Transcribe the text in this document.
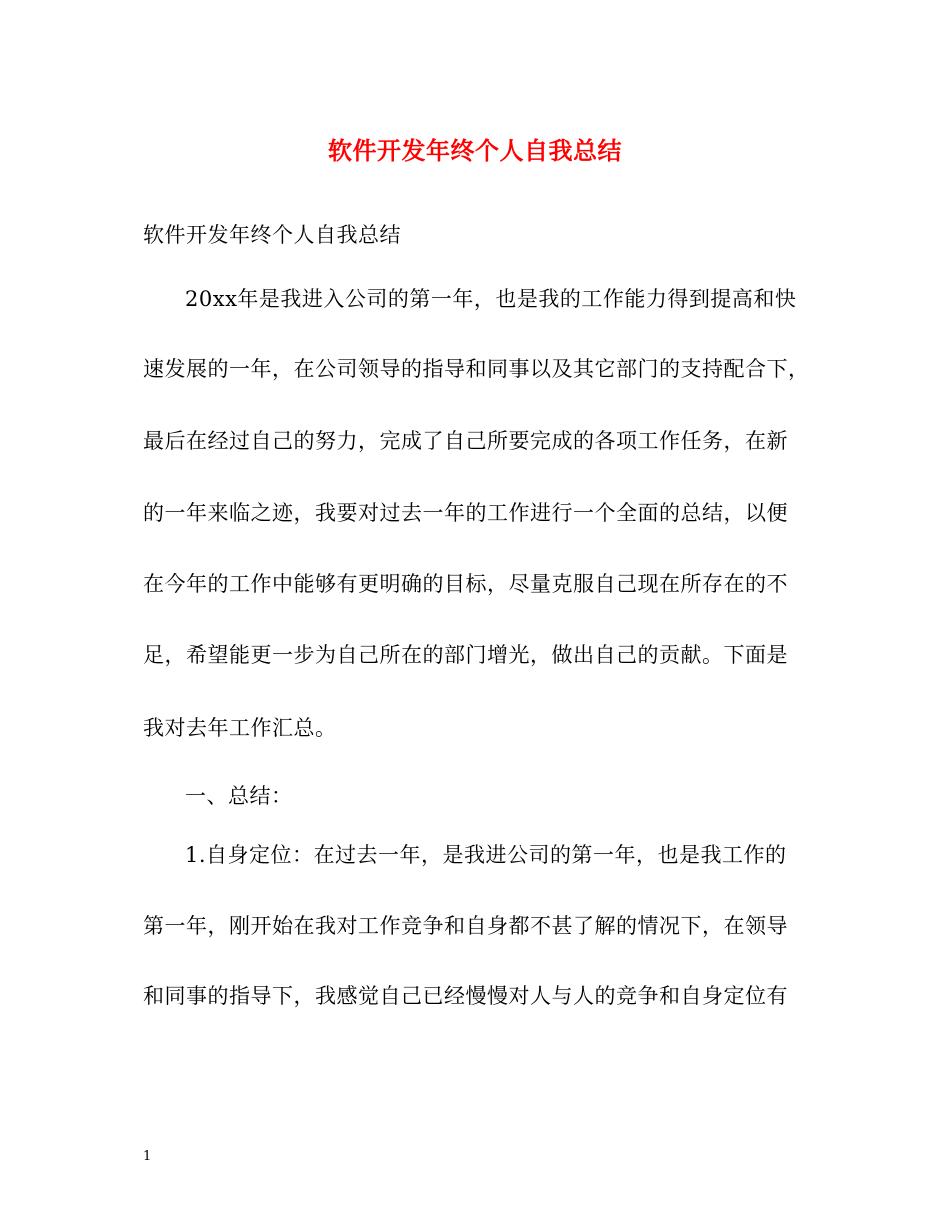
软件开发年终个人自我总结
软件开发年终个人自我总结
20xx年是我进入公司的第一年，也是我的工作能力得到提高和快
速发展的一年，在公司领导的指导和同事以及其它部门的支持配合下，
最后在经过自己的努力，完成了自己所要完成的各项工作任务，在新
的一年来临之迹，我要对过去一年的工作进行一个全面的总结，以便
在今年的工作中能够有更明确的目标，尽量克服自己现在所存在的不
足，希望能更一步为自己所在的部门增光，做出自己的贡献。下面是
我对去年工作汇总。
一、总结：
1.自身定位：在过去一年，是我进公司的第一年，也是我工作的
第一年，刚开始在我对工作竞争和自身都不甚了解的情况下，在领导
和同事的指导下，我感觉自己已经慢慢对人与人的竞争和自身定位有
1
